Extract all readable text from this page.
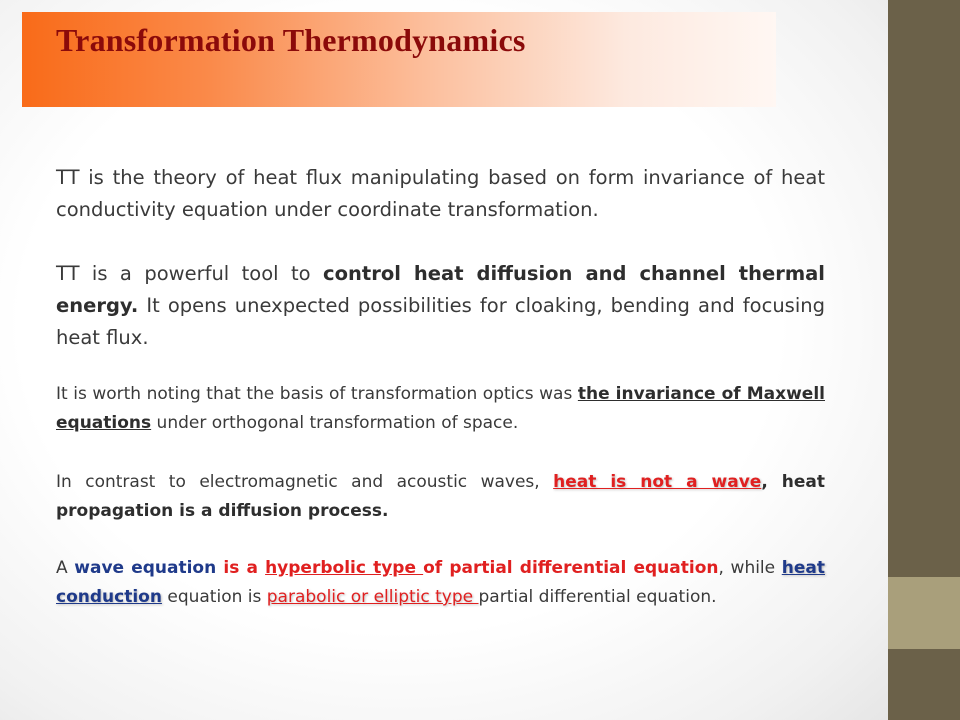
Transformation Thermodynamics

TT is the theory of heat flux manipulating based on form invariance of heat conductivity equation under coordinate transformation.

TT is a powerful tool to control heat diffusion and channel thermal energy. It opens unexpected possibilities for cloaking, bending and focusing heat flux.

It is worth noting that the basis of transformation optics was the invariance of Maxwell equations under orthogonal transformation of space.

In contrast to electromagnetic and acoustic waves, heat is not a wave, heat propagation is a diffusion process.

A wave equation is a hyperbolic type of partial differential equation, while heat conduction equation is parabolic or elliptic type partial differential equation.
